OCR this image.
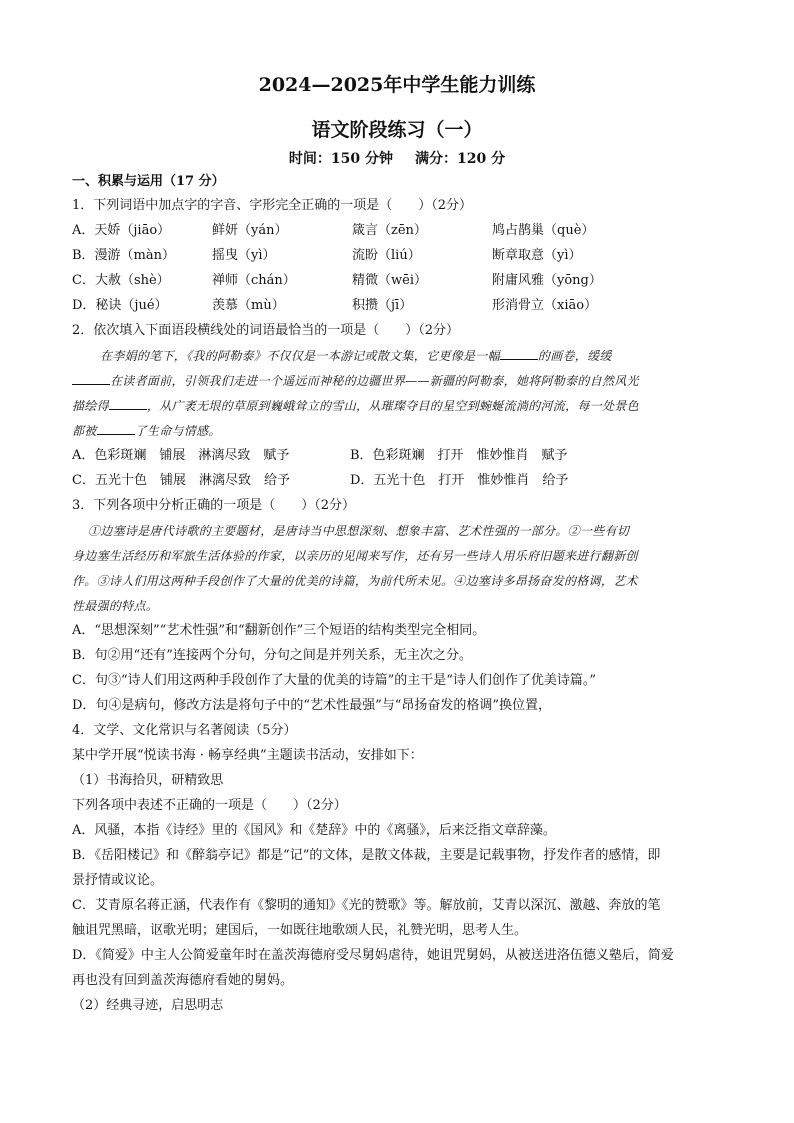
2024—2025年中学生能力训练
语文阶段练习（一）
时间：150 分钟 满分：120 分
一、积累与运用（17 分）
1．下列词语中加点字的字音、字形完全正确的一项是（　　）（2分）
A．天娇（jiāo）	鲜妍（yán）	箴言（zēn）	鸠占鹊巢（què）
B．漫游（màn）	摇曳（yì）	流盼（liú）	断章取意（yì）
C．大赦（shè）	禅师（chán）	精微（wēi）	附庸风雅（yōng）
D．秘诀（jué）	羡慕（mù）	积攒（jī）	形消骨立（xiāo）
2．依次填入下面语段横线处的词语最恰当的一项是（　　）（2分）
在李娟的笔下，《我的阿勒泰》不仅仅是一本游记或散文集，它更像是一幅	的画卷，缓缓
在读者面前，引领我们走进一个遥远而神秘的边疆世界——新疆的阿勒泰，她将阿勒泰的自然风光
描绘得	，从广袤无垠的草原到巍峨耸立的雪山，从璀璨夺目的星空到蜿蜒流淌的河流，每一处景色
都被	了生命与情感。
A．色彩斑斓　铺展　淋漓尽致　赋予	B．色彩斑斓　打开　惟妙惟肖　赋予
C．五光十色　铺展　淋漓尽致　给予	D．五光十色　打开　惟妙惟肖　给予
3．下列各项中分析正确的一项是（　　）（2分）
①边塞诗是唐代诗歌的主要题材，是唐诗当中思想深刻、想象丰富、艺术性强的一部分。②一些有切
身边塞生活经历和军旅生活体验的作家，以亲历的见闻来写作，还有另一些诗人用乐府旧题来进行翻新创
作。③诗人们用这两种手段创作了大量的优美的诗篇，为前代所未见。④边塞诗多昂扬奋发的格调，艺术
性最强的特点。
A．“思想深刻”“艺术性强”和“翻新创作”三个短语的结构类型完全相同。
B．句②用“还有”连接两个分句，分句之间是并列关系，无主次之分。
C．句③“诗人们用这两种手段创作了大量的优美的诗篇”的主干是“诗人们创作了优美诗篇。”
D．句④是病句，修改方法是将句子中的“艺术性最强”与“昂扬奋发的格调”换位置，
4．文学、文化常识与名著阅读（5分）
某中学开展“悦读书海 · 畅享经典”主题读书活动，安排如下：
（1）书海拾贝，研精致思
下列各项中表述不正确的一项是（　　）（2分）
A．风骚，本指《诗经》里的《国风》和《楚辞》中的《离骚》，后来泛指文章辞藻。
B．《岳阳楼记》和《醉翁亭记》都是“记”的文体，是散文体裁，主要是记载事物，抒发作者的感情，即
景抒情或议论。
C．艾青原名蒋正涵，代表作有《黎明的通知》《光的赞歌》等。解放前，艾青以深沉、激越、奔放的笔
触诅咒黑暗，讴歌光明；建国后，一如既往地歌颂人民，礼赞光明，思考人生。
D．《简爱》中主人公简爱童年时在盖茨海德府受尽舅妈虐待，她诅咒舅妈，从被送进洛伍德义塾后，简爱
再也没有回到盖茨海德府看她的舅妈。
（2）经典寻迹，启思明志
